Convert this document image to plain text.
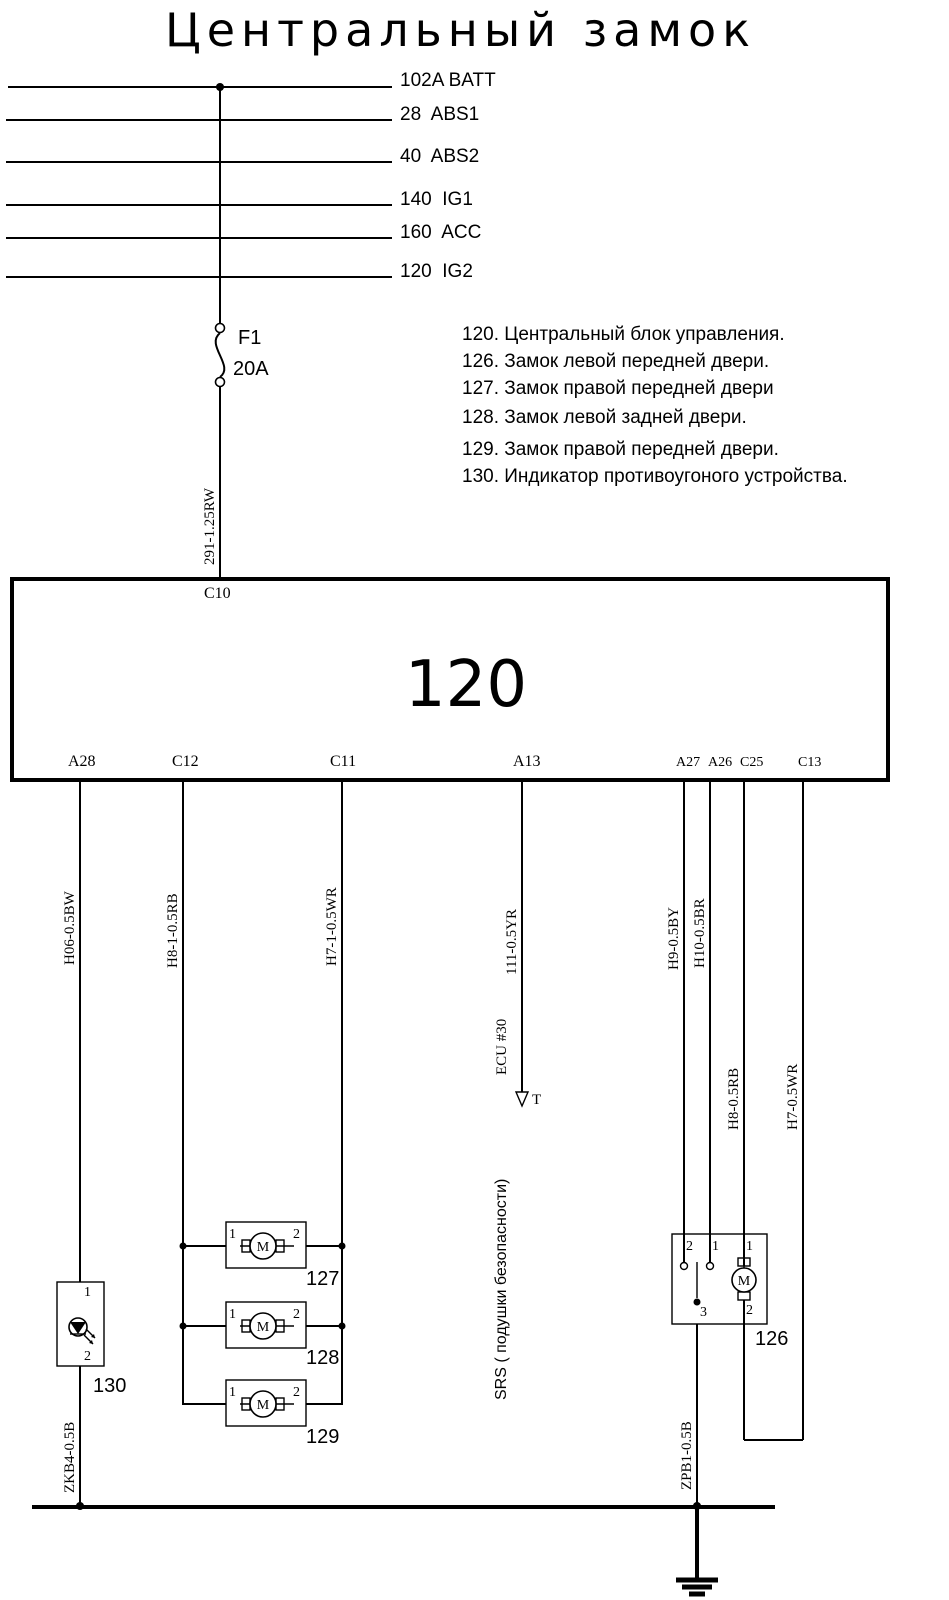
Центральный замок
102A BATT
28  ABS1
40  ABS2
140  IG1
160  ACC
120  IG2
F1
20A
291-1.25RW
120. Центральный блок управления.
126. Замок левой передней двери.
127. Замок правой передней двери
128. Замок левой задней двери.
129. Замок правой передней двери.
130. Индикатор противоугоного устройства.
120
C10
A28	C12	C11	A13	A27 A26 C25 C13
H06-0.5BW
1
2
130
ZKB4-0.5B
H8-1-0.5RB	H7-1-0.5WR
M
1	2
127
M
1	2
128
M
1	2
129
T
111-0.5YR
ECU #30
SRS ( подушки безопасности)
H9-0.5BY H10-0.5BR
H8-0.5RB	H7-0.5WR
2 1 1
2
3
M
126
ZPB1-0.5B
